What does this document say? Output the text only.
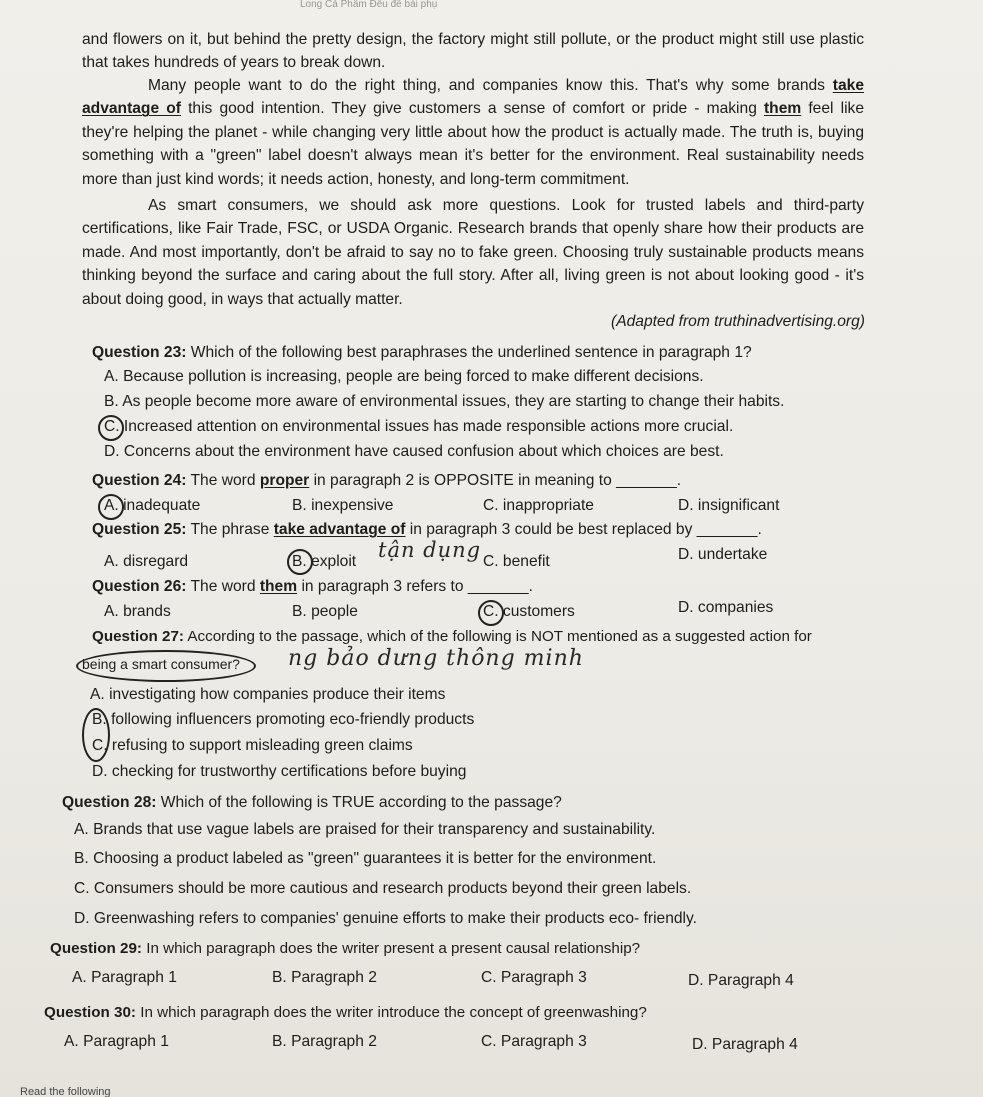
Long Cả Phẩm Đều để bài phụ
and flowers on it, but behind the pretty design, the factory might still pollute, or the product might still use plastic that takes hundreds of years to break down.
Many people want to do the right thing, and companies know this. That's why some brands take advantage of this good intention. They give customers a sense of comfort or pride - making them feel like they're helping the planet - while changing very little about how the product is actually made. The truth is, buying something with a "green" label doesn't always mean it's better for the environment. Real sustainability needs more than just kind words; it needs action, honesty, and long-term commitment.
As smart consumers, we should ask more questions. Look for trusted labels and third-party certifications, like Fair Trade, FSC, or USDA Organic. Research brands that openly share how their products are made. And most importantly, don't be afraid to say no to fake green. Choosing truly sustainable products means thinking beyond the surface and caring about the full story. After all, living green is not about looking good - it's about doing good, in ways that actually matter.
(Adapted from truthinadvertising.org)
Question 23: Which of the following best paraphrases the underlined sentence in paragraph 1?
A. Because pollution is increasing, people are being forced to make different decisions.
B. As people become more aware of environmental issues, they are starting to change their habits.
C. Increased attention on environmental issues has made responsible actions more crucial.
D. Concerns about the environment have caused confusion about which choices are best.
Question 24: The word proper in paragraph 2 is OPPOSITE in meaning to _______.
A. inadequate	B. inexpensive	C. inappropriate	D. insignificant
Question 25: The phrase take advantage of in paragraph 3 could be best replaced by _______.
A. disregard	B. exploit tận dụng C. benefit	D. undertake
Question 26: The word them in paragraph 3 refers to _______.
A. brands	B. people	C. customers	D. companies
Question 27: According to the passage, which of the following is NOT mentioned as a suggested action for
being a smart consumer? ng bảo dưng thông minh
A. investigating how companies produce their items
B. following influencers promoting eco-friendly products
C. refusing to support misleading green claims
D. checking for trustworthy certifications before buying
Question 28: Which of the following is TRUE according to the passage?
A. Brands that use vague labels are praised for their transparency and sustainability.
B. Choosing a product labeled as "green" guarantees it is better for the environment.
C. Consumers should be more cautious and research products beyond their green labels.
D. Greenwashing refers to companies' genuine efforts to make their products eco- friendly.
Question 29: In which paragraph does the writer present a present causal relationship?
A. Paragraph 1	B. Paragraph 2	C. Paragraph 3	D. Paragraph 4
Question 30: In which paragraph does the writer introduce the concept of greenwashing?
A. Paragraph 1	B. Paragraph 2	C. Paragraph 3	D. Paragraph 4
Read the following
